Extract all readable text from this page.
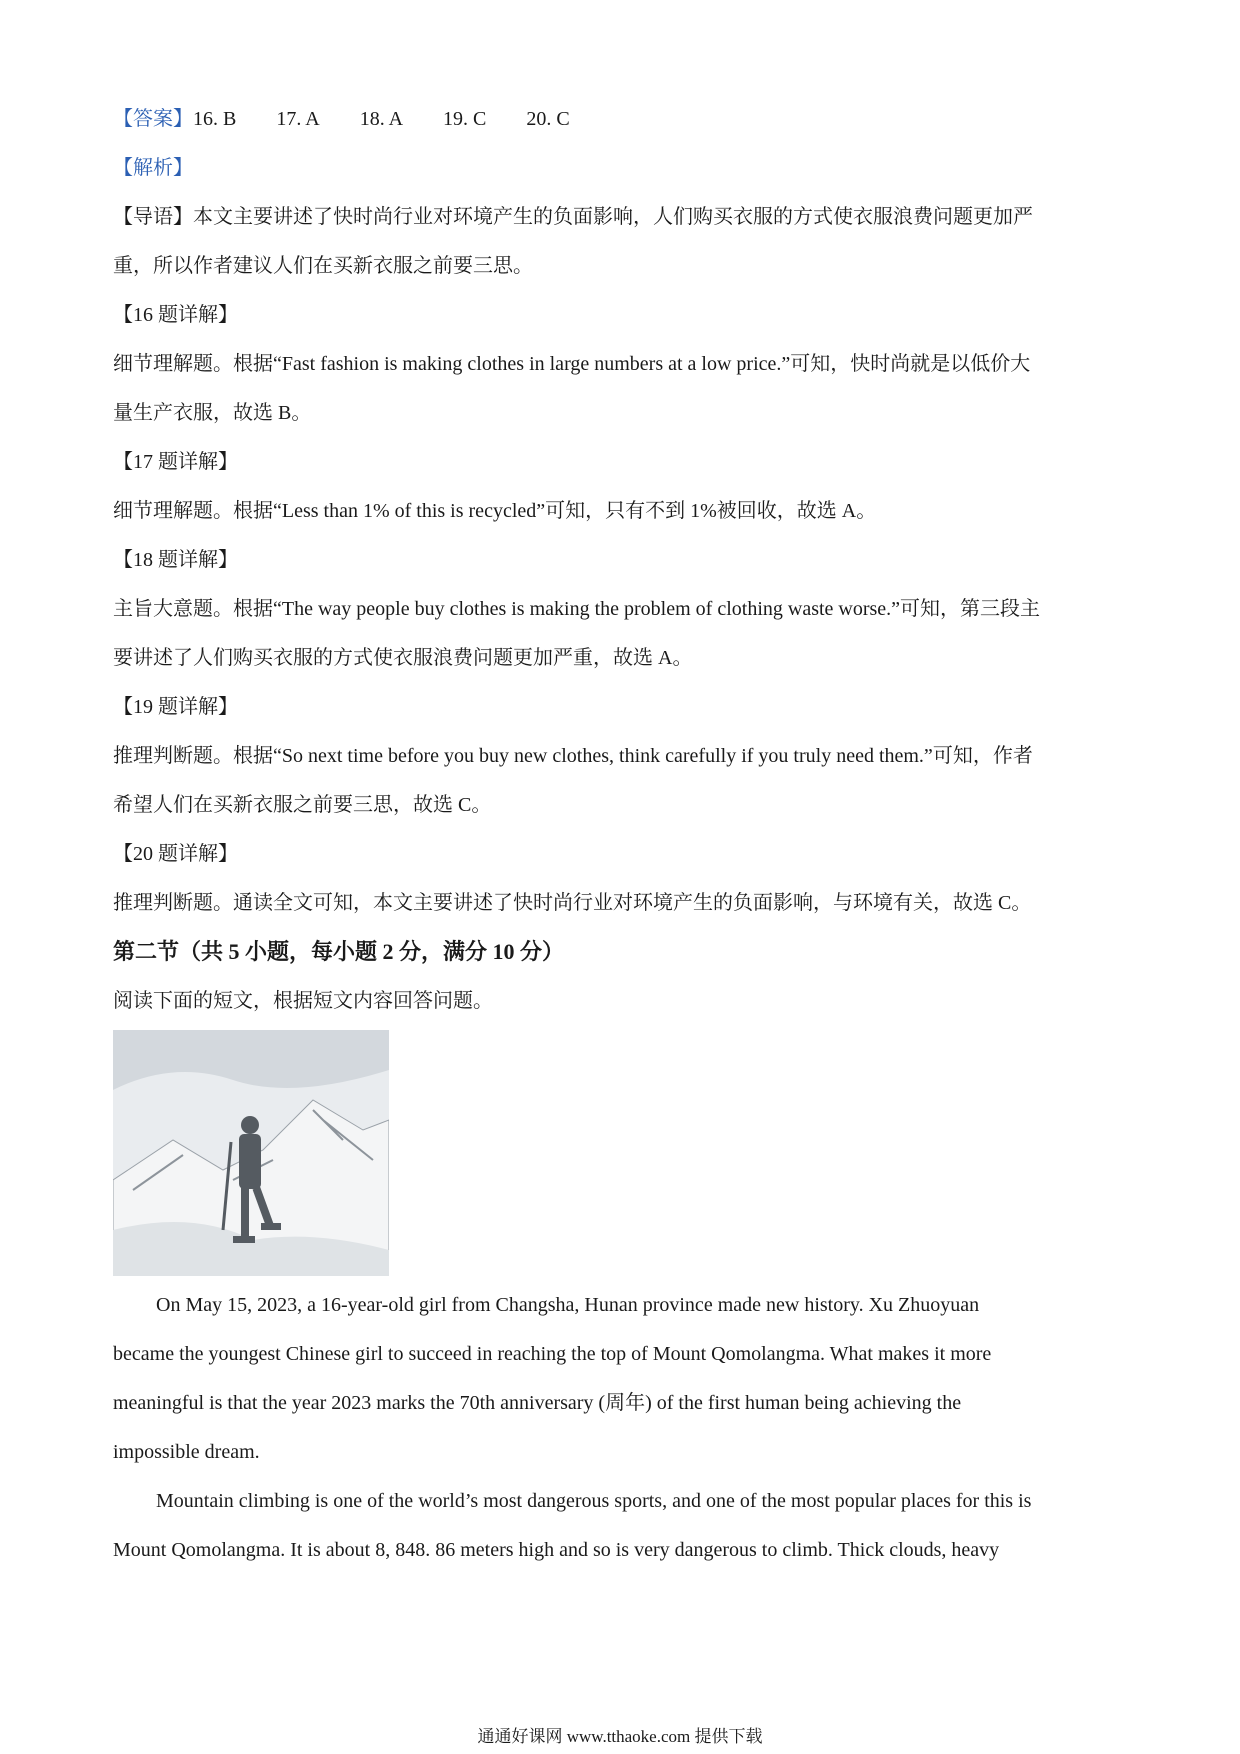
【答案】16. B 17. A 18. A 19. C 20. C
【解析】
【导语】本文主要讲述了快时尚行业对环境产生的负面影响，人们购买衣服的方式使衣服浪费问题更加严
重，所以作者建议人们在买新衣服之前要三思。
【16 题详解】
细节理解题。根据“Fast fashion is making clothes in large numbers at a low price.”可知，快时尚就是以低价大
量生产衣服，故选 B。
【17 题详解】
细节理解题。根据“Less than 1% of this is recycled”可知，只有不到 1%被回收，故选 A。
【18 题详解】
主旨大意题。根据“The way people buy clothes is making the problem of clothing waste worse.”可知，第三段主
要讲述了人们购买衣服的方式使衣服浪费问题更加严重，故选 A。
【19 题详解】
推理判断题。根据“So next time before you buy new clothes, think carefully if you truly need them.”可知，作者
希望人们在买新衣服之前要三思，故选 C。
【20 题详解】
推理判断题。通读全文可知，本文主要讲述了快时尚行业对环境产生的负面影响，与环境有关，故选 C。
第二节（共 5 小题，每小题 2 分，满分 10 分）
阅读下面的短文，根据短文内容回答问题。
On May 15, 2023, a 16-year-old girl from Changsha, Hunan province made new history. Xu Zhuoyuan
became the youngest Chinese girl to succeed in reaching the top of Mount Qomolangma. What makes it more
meaningful is that the year 2023 marks the 70th anniversary (周年) of the first human being achieving the
impossible dream.
Mountain climbing is one of the world’s most dangerous sports, and one of the most popular places for this is
Mount Qomolangma. It is about 8, 848. 86 meters high and so is very dangerous to climb. Thick clouds, heavy
通通好课网 www.tthaoke.com 提供下载
